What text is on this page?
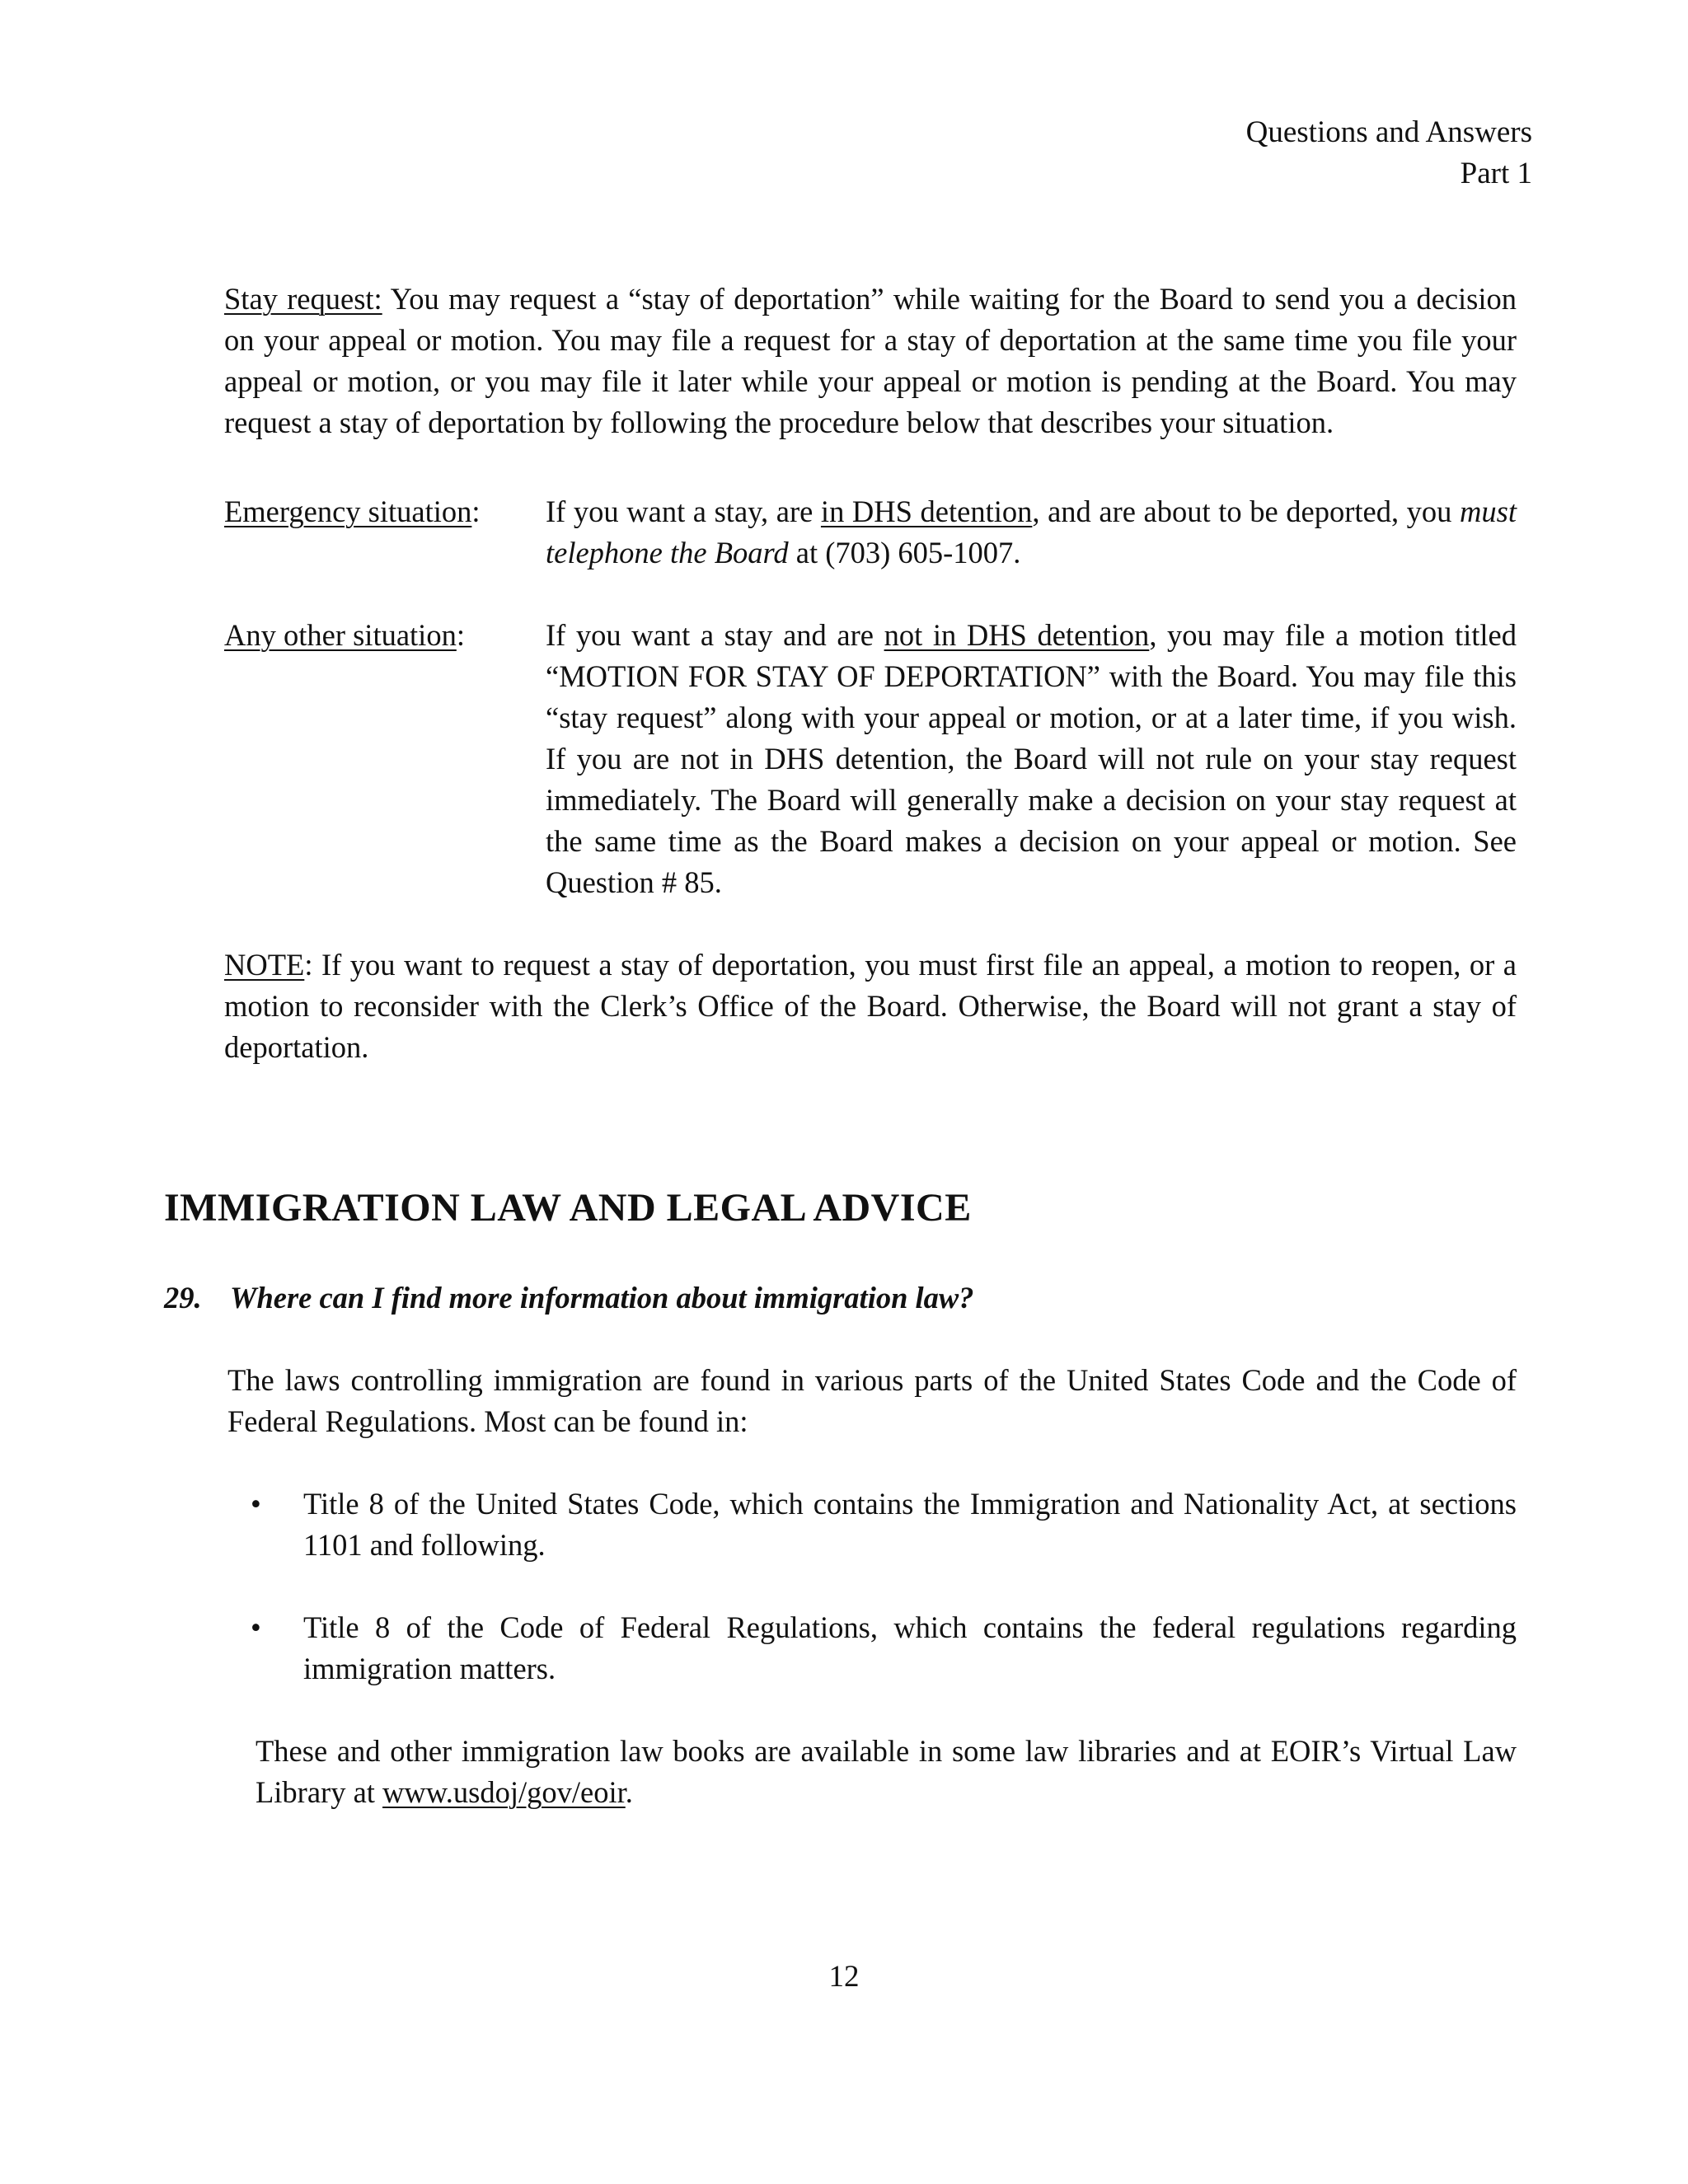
Questions and Answers
Part 1
Stay request: You may request a “stay of deportation” while waiting for the Board to send you a decision on your appeal or motion. You may file a request for a stay of deportation at the same time you file your appeal or motion, or you may file it later while your appeal or motion is pending at the Board. You may request a stay of deportation by following the procedure below that describes your situation.
Emergency situation: If you want a stay, are in DHS detention, and are about to be deported, you must telephone the Board at (703) 605-1007.
Any other situation:	If you want a stay and are not in DHS detention, you may file a motion titled “MOTION FOR STAY OF DEPORTATION” with the Board. You may file this “stay request” along with your appeal or motion, or at a later time, if you wish. If you are not in DHS detention, the Board will not rule on your stay request immediately. The Board will generally make a decision on your stay request at the same time as the Board makes a decision on your appeal or motion. See Question # 85.
NOTE: If you want to request a stay of deportation, you must first file an appeal, a motion to reopen, or a motion to reconsider with the Clerk’s Office of the Board. Otherwise, the Board will not grant a stay of deportation.
IMMIGRATION LAW AND LEGAL ADVICE
29. Where can I find more information about immigration law?
The laws controlling immigration are found in various parts of the United States Code and the Code of Federal Regulations. Most can be found in:
• Title 8 of the United States Code, which contains the Immigration and Nationality Act, at sections 1101 and following.
• Title 8 of the Code of Federal Regulations, which contains the federal regulations regarding immigration matters.
These and other immigration law books are available in some law libraries and at EOIR’s Virtual Law Library at www.usdoj/gov/eoir.
12
